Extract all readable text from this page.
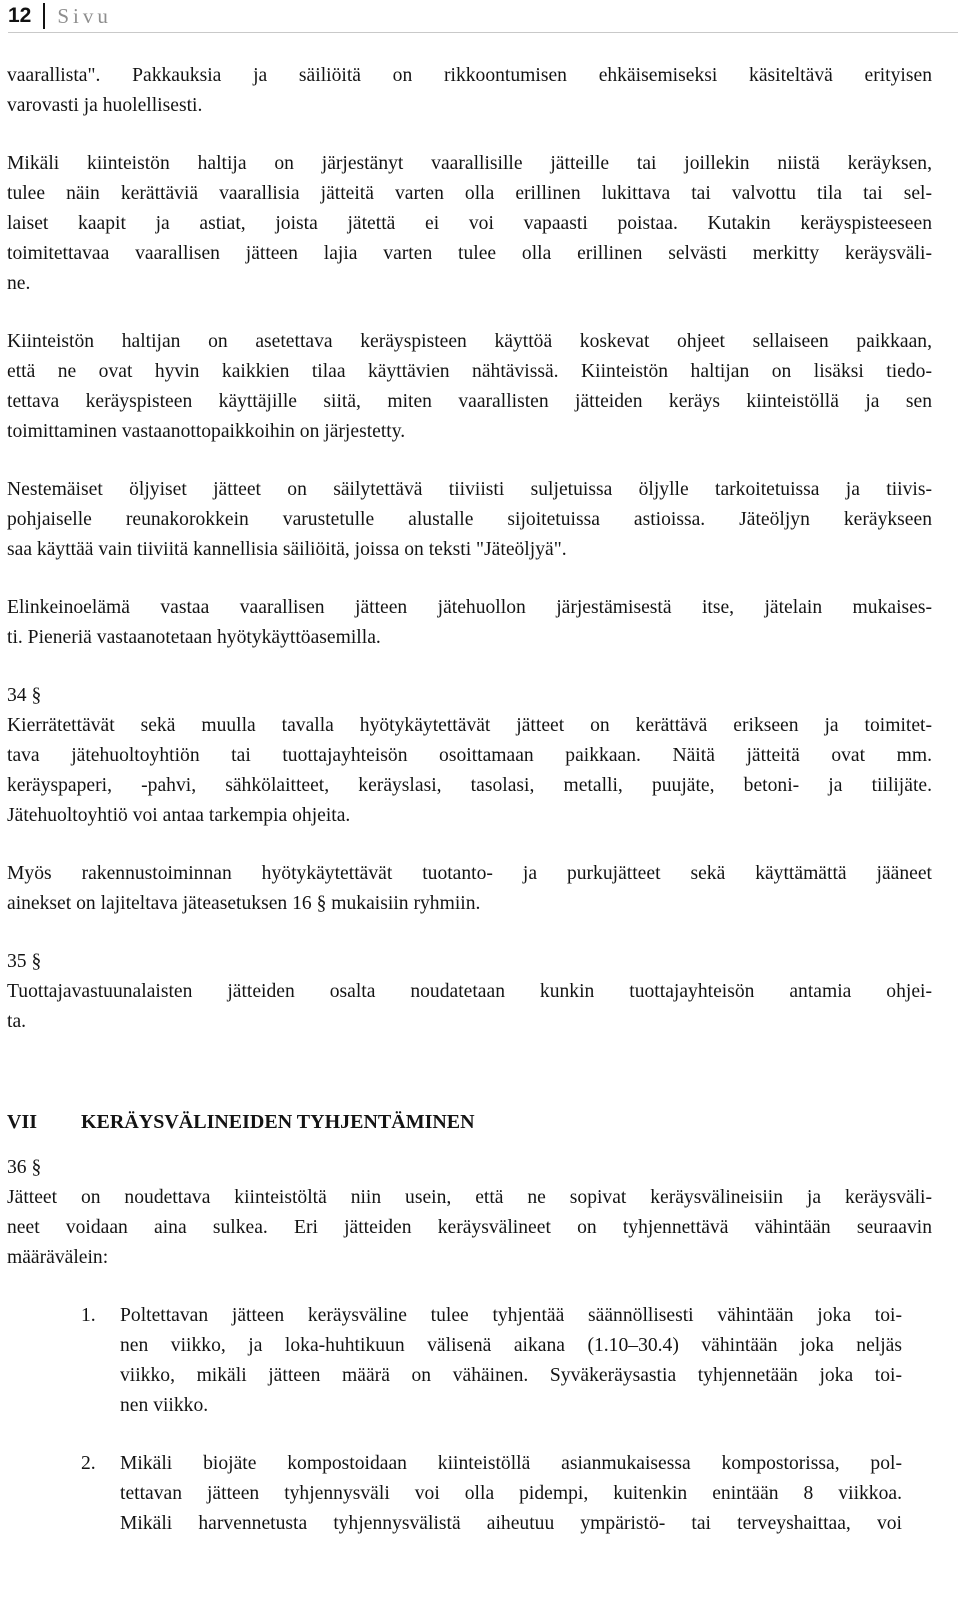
12	Sivu
vaarallista". Pakkauksia ja säiliöitä on rikkoontumisen ehkäisemiseksi käsiteltävä erityisen
varovasti ja huolellisesti.
Mikäli kiinteistön haltija on järjestänyt vaarallisille jätteille tai joillekin niistä keräyksen,
tulee näin kerättäviä vaarallisia jätteitä varten olla erillinen lukittava tai valvottu tila tai sel-
laiset kaapit ja astiat, joista jätettä ei voi vapaasti poistaa. Kutakin keräyspisteeseen
toimitettavaa vaarallisen jätteen lajia varten tulee olla erillinen selvästi merkitty keräysväli-
ne.
Kiinteistön haltijan on asetettava keräyspisteen käyttöä koskevat ohjeet sellaiseen paikkaan,
että ne ovat hyvin kaikkien tilaa käyttävien nähtävissä. Kiinteistön haltijan on lisäksi tiedo-
tettava keräyspisteen käyttäjille siitä, miten vaarallisten jätteiden keräys kiinteistöllä ja sen
toimittaminen vastaanottopaikkoihin on järjestetty.
Nestemäiset öljyiset jätteet on säilytettävä tiiviisti suljetuissa öljylle tarkoitetuissa ja tiivis-
pohjaiselle reunakorokkein varustetulle alustalle sijoitetuissa astioissa. Jäteöljyn keräykseen
saa käyttää vain tiiviitä kannellisia säiliöitä, joissa on teksti "Jäteöljyä".
Elinkeinoelämä vastaa vaarallisen jätteen jätehuollon järjestämisestä itse, jätelain mukaises-
ti. Pieneriä vastaanotetaan hyötykäyttöasemilla.
34 §
Kierrätettävät sekä muulla tavalla hyötykäytettävät jätteet on kerättävä erikseen ja toimitet-
tava jätehuoltoyhtiön tai tuottajayhteisön osoittamaan paikkaan. Näitä jätteitä ovat mm.
keräyspaperi, -pahvi, sähkölaitteet, keräyslasi, tasolasi, metalli, puujäte, betoni- ja tiilijäte.
Jätehuoltoyhtiö voi antaa tarkempia ohjeita.
Myös rakennustoiminnan hyötykäytettävät tuotanto- ja purkujätteet sekä käyttämättä jääneet
ainekset on lajiteltava jäteasetuksen 16 § mukaisiin ryhmiin.
35 §
Tuottajavastuunalaisten jätteiden osalta noudatetaan kunkin tuottajayhteisön antamia ohjei-
ta.
VII	KERÄYSVÄLINEIDEN TYHJENTÄMINEN
36 §
Jätteet on noudettava kiinteistöltä niin usein, että ne sopivat keräysvälineisiin ja keräysväli-
neet voidaan aina sulkea. Eri jätteiden keräysvälineet on tyhjennettävä vähintään seuraavin
määrävälein:
1.	Poltettavan jätteen keräysväline tulee tyhjentää säännöllisesti vähintään joka toi-
nen viikko, ja loka-huhtikuun välisenä aikana (1.10–30.4) vähintään joka neljäs
viikko, mikäli jätteen määrä on vähäinen. Syväkeräysastia tyhjennetään joka toi-
nen viikko.
2.	Mikäli biojäte kompostoidaan kiinteistöllä asianmukaisessa kompostorissa, pol-
tettavan jätteen tyhjennysväli voi olla pidempi, kuitenkin enintään 8 viikkoa.
Mikäli harvennetusta tyhjennysvälistä aiheutuu ympäristö- tai terveyshaittaa, voi
